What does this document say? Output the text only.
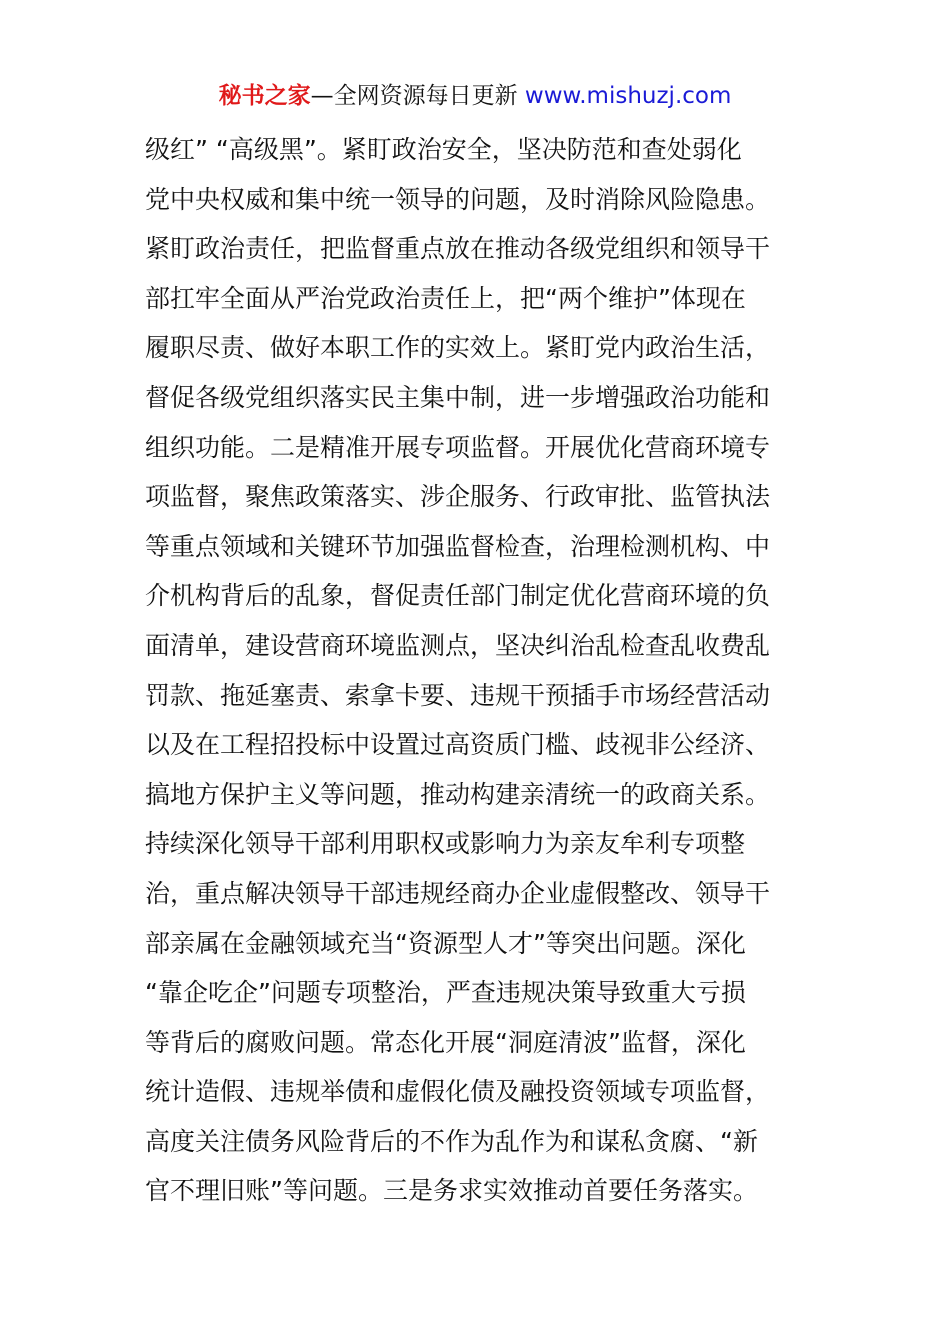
秘书之家—全网资源每日更新 www.mishuzj.com
级红” “高级黑”。紧盯政治安全，坚决防范和查处弱化
党中央权威和集中统一领导的问题，及时消除风险隐患。
紧盯政治责任，把监督重点放在推动各级党组织和领导干
部扛牢全面从严治党政治责任上，把“两个维护”体现在
履职尽责、做好本职工作的实效上。紧盯党内政治生活，
督促各级党组织落实民主集中制，进一步增强政治功能和
组织功能。二是精准开展专项监督。开展优化营商环境专
项监督，聚焦政策落实、涉企服务、行政审批、监管执法
等重点领域和关键环节加强监督检查，治理检测机构、中
介机构背后的乱象，督促责任部门制定优化营商环境的负
面清单，建设营商环境监测点，坚决纠治乱检查乱收费乱
罚款、拖延塞责、索拿卡要、违规干预插手市场经营活动
以及在工程招投标中设置过高资质门槛、歧视非公经济、
搞地方保护主义等问题，推动构建亲清统一的政商关系。
持续深化领导干部利用职权或影响力为亲友牟利专项整
治，重点解决领导干部违规经商办企业虚假整改、领导干
部亲属在金融领域充当“资源型人才”等突出问题。深化
“靠企吃企”问题专项整治，严查违规决策导致重大亏损
等背后的腐败问题。常态化开展“洞庭清波”监督，深化
统计造假、违规举债和虚假化债及融投资领域专项监督，
高度关注债务风险背后的不作为乱作为和谋私贪腐、“新
官不理旧账”等问题。三是务求实效推动首要任务落实。
